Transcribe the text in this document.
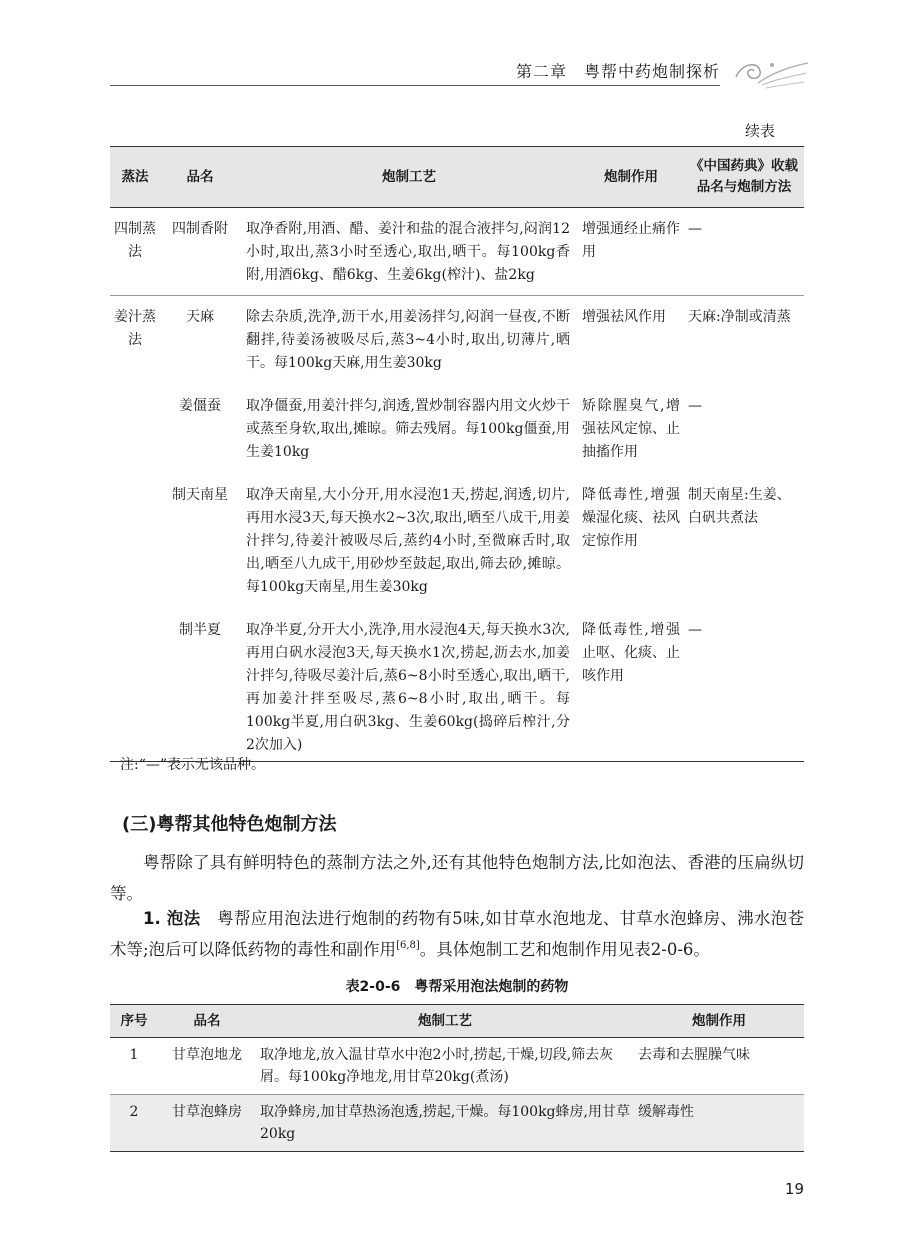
第二章　粤帮中药炮制探析
续表
蒸法	品名	炮制工艺	炮制作用	《中国药典》收载
品名与炮制方法

四制蒸法	四制香附	取净香附,用酒、醋、姜汁和盐的混合液拌匀,闷润12小时,取出,蒸3小时至透心,取出,晒干。每100kg香附,用酒6kg、醋6kg、生姜6kg(榨汁)、盐2kg	增强通经止痛作用	—
姜汁蒸法	天麻	除去杂质,洗净,沥干水,用姜汤拌匀,闷润一昼夜,不断翻拌,待姜汤被吸尽后,蒸3~4小时,取出,切薄片,晒干。每100kg天麻,用生姜30kg	增强祛风作用	天麻:净制或清蒸
	姜僵蚕	取净僵蚕,用姜汁拌匀,润透,置炒制容器内用文火炒干或蒸至身软,取出,摊晾。筛去残屑。每100kg僵蚕,用生姜10kg	矫除腥臭气,增强祛风定惊、止抽搐作用	—
	制天南星	取净天南星,大小分开,用水浸泡1天,捞起,润透,切片,再用水浸3天,每天换水2~3次,取出,晒至八成干,用姜汁拌匀,待姜汁被吸尽后,蒸约4小时,至微麻舌时,取出,晒至八九成干,用砂炒至鼓起,取出,筛去砂,摊晾。每100kg天南星,用生姜30kg	降低毒性,增强燥湿化痰、祛风定惊作用	制天南星:生姜、白矾共煮法
	制半夏	取净半夏,分开大小,洗净,用水浸泡4天,每天换水3次,再用白矾水浸泡3天,每天换水1次,捞起,沥去水,加姜汁拌匀,待吸尽姜汁后,蒸6~8小时至透心,取出,晒干,再加姜汁拌至吸尽,蒸6~8小时,取出,晒干。每100kg半夏,用白矾3kg、生姜60kg(捣碎后榨汁,分2次加入)	降低毒性,增强止呕、化痰、止咳作用	—
注:“—”表示无该品种。
(三)粤帮其他特色炮制方法
粤帮除了具有鲜明特色的蒸制方法之外,还有其他特色炮制方法,比如泡法、香港的压扁纵切等。
1. 泡法　粤帮应用泡法进行炮制的药物有5味,如甘草水泡地龙、甘草水泡蜂房、沸水泡苍术等;泡后可以降低药物的毒性和副作用[6,8]。具体炮制工艺和炮制作用见表2-0-6。
表2-0-6　粤帮采用泡法炮制的药物
序号	品名	炮制工艺	炮制作用
1	甘草泡地龙	取净地龙,放入温甘草水中泡2小时,捞起,干燥,切段,筛去灰屑。每100kg净地龙,用甘草20kg(煮汤)	去毒和去腥臊气味
2	甘草泡蜂房	取净蜂房,加甘草热汤泡透,捞起,干燥。每100kg蜂房,用甘草20kg	缓解毒性
19
